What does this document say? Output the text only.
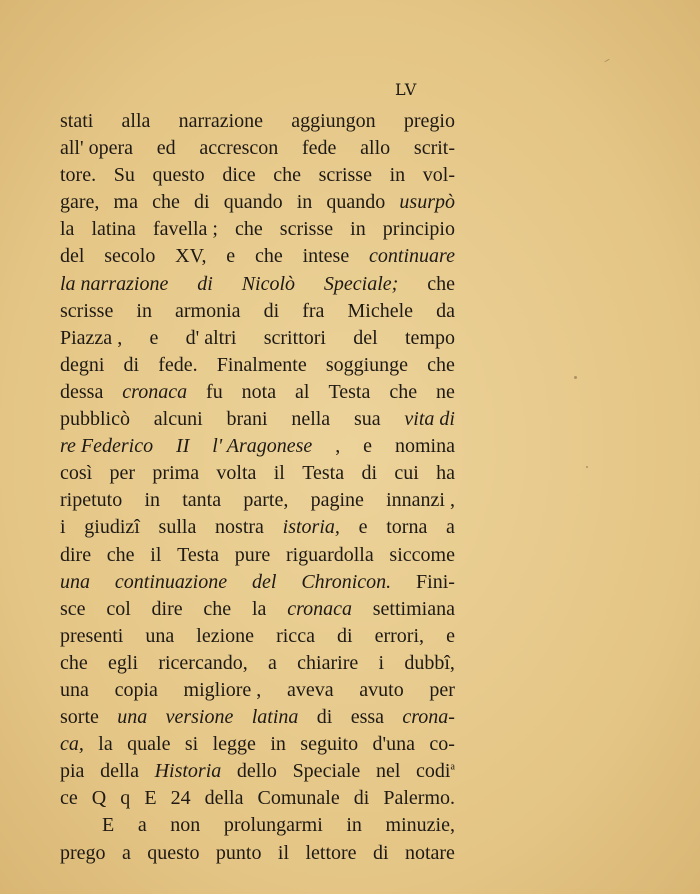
LV
stati alla narrazione aggiungon pregio
all' opera ed accrescon fede allo scrit-
tore. Su questo dice che scrisse in vol-
gare, ma che di quando in quando usurpò
la latina favella ; che scrisse in principio
del secolo XV, e che intese continuare
la narrazione di Nicolò Speciale; che
scrisse in armonia di fra Michele da
Piazza , e d' altri scrittori del tempo
degni di fede. Finalmente soggiunge che
dessa cronaca fu nota al Testa che ne
pubblicò alcuni brani nella sua vita di
re Federico II l' Aragonese , e nomina
così per prima volta il Testa di cui ha
ripetuto in tanta parte, pagine innanzi ,
i giudizî sulla nostra istoria, e torna a
dire che il Testa pure riguardolla siccome
una continuazione del Chronicon. Fini-
sce col dire che la cronaca settimiana
presenti una lezione ricca di errori, e
che egli ricercando, a chiarire i dubbî,
una copia migliore , aveva avuto per
sorte una versione latina di essa crona-
ca, la quale si legge in seguito d'una co-
pia della Historia dello Speciale nel codi$^a$
ce Q q E 24 della Comunale di Palermo.
E a non prolungarmi in minuzie,
prego a questo punto il lettore di notare
